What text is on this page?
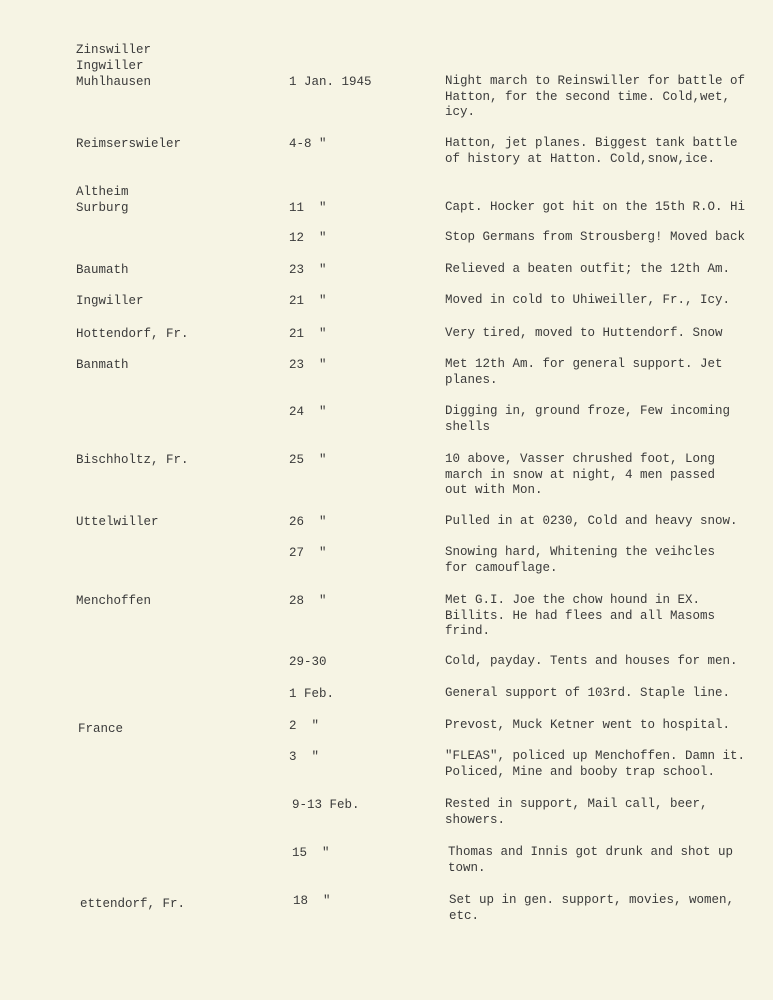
Zinswiller
Ingwiller
Muhlhausen	1 Jan. 1945	Night march to Reinswiller for battle of
Hatton, for the second time. Cold,wet,
icy.
Reimserswieler	4-8 "	Hatton, jet planes. Biggest tank battle
of history at Hatton. Cold,snow,ice.
Altheim
Surburg	11  "	Capt. Hocker got hit on the 15th R.O. Hi
12  "	Stop Germans from Strousberg! Moved back
Baumath	23  "	Relieved a beaten outfit; the 12th Am.
Ingwiller	21  "	Moved in cold to Uhiweiller, Fr., Icy.
Hottendorf, Fr.	21  "	Very tired, moved to Huttendorf. Snow
Banmath	23  "	Met 12th Am. for general support. Jet
planes.
24  "	Digging in, ground froze, Few incoming
shells
Bischholtz, Fr.	25  "	10 above, Vasser chrushed foot, Long
march in snow at night, 4 men passed
out with Mon.
Uttelwiller	26  "	Pulled in at 0230, Cold and heavy snow.
27  "	Snowing hard, Whitening the veihcles
for camouflage.
Menchoffen	28  "	Met G.I. Joe the chow hound in EX.
Billits. He had flees and all Masoms
frind.
29-30	Cold, payday. Tents and houses for men.
1 Feb.	General support of 103rd. Staple line.
France	2  "	Prevost, Muck Ketner went to hospital.
3  "	"FLEAS", policed up Menchoffen. Damn it.
Policed, Mine and booby trap school.
9-13 Feb.	Rested in support, Mail call, beer,
showers.
15  "	Thomas and Innis got drunk and shot up
town.
ettendorf, Fr.	18  "	Set up in gen. support, movies, women,
etc.
